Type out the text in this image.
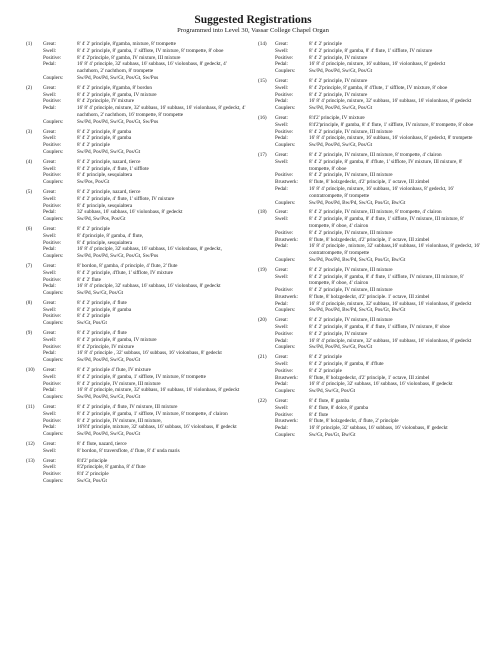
Suggested Registrations

Programmed into Level 30, Vassar College Chapel Organ

(1)	Great:	8' 4' 2' principle, 8'gamba, mixture, 8' trompette
Swell:	8' 4' 2' principle, 8' gamba, 1' sifflote, IV mixture, 8' trompette, 8' oboe
Positive:	8' 4' 2'principle, 8' gamba, IV mixture, III mixture
Pedal:	16' 8' 4' principle, 32' subbass, 16' subbass, 16' violonbass, 8' gedeckt, 4' nachthorn, 2' nachthorn, 8' trompette
Couplers:	Sw/Pd, Pos/Pd, Sw/Gt, Pos/Gt, Sw/Pos
(2)	Great:	8' 4' 2' principle, 8'gamba, 8' bordon
Swell:	8' 4' 2' principle, 8' gamba, IV mixture
Positive:	8' 4' 2'principle, IV mixture
Pedal:	16' 8' 4' principle, mixture, 32' subbass, 16' subbass, 16' violonbass, 8' gedeckt, 4' nachthorn, 2' nachthorn, 16' trompette, 8' trompette
Couplers:	Sw/Pd, Pos/Pd, Sw/Gt, Pos/Gt, Sw/Pos
(3)	Great:	8' 4' 2' principle, 8' gamba
Swell:	8' 4' 2' principle, 8' gamba
Positive:	8' 4' 2' principle
Couplers:	Sw/Pd, Pos/Pd, Sw/Gt, Pos/Gt
(4)	Great:	8' 4' 2' principle, nazard, tierce
Swell:	8' 4' 2' principle, 4' flute, 1' sifflote
Positive:	8' 4' principle, sesquialtera
Couplers:	Sw/Pos, Pos/Gt
(5)	Great:	8' 4' 2' principle, nazard, tierce
Swell:	8' 4' 2' principle, 4' flute, 1' sifflote, IV mixture
Positive:	8' 4' principle, sesquialtera
Pedal:	32' subbass, 16' subbass, 16' violonbass, 8' gedeckt
Couplers:	Sw/Pd, Sw/Pos, Pos/Gt
(6)	Great:	8' 4' 2' principle
Swell:	8' 4'principle, 8' gamba, 4' flute,
Positive:	8' 4' principle, sesquialtera
Pedal:	16' 8' 4' principle, 32' subbass, 16' subbass, 16' violonbass, 8' gedeckt,
Couplers:	Sw/Pd, Pos/Pd, Sw/Gt, Pos/Gt, Sw/Pos
(7)	Great:	8' bordon, 8' gamba, 4' principle, 4' flute, 2' flute
Swell:	8' 4' 2' principle, 4'flute, 1' sifflote, IV mixture
Positive:	8' 4' 2' flute
Pedal:	16' 8' 4' principle, 32' subbass, 16' subbass, 16' violonbass, 8' gedeckt
Couplers:	Sw/Pd, Sw/Gt, Pos/Gt
(8)	Great:	8' 4' 2' principle, 4' flute
Swell:	8' 4' 2' principle, 8' gamba
Positive:	8' 4' 2' principle
Couplers:	Sw/Gt, Pos/Gt
(9)	Great:	8' 4' 2' principle, 4' flute
Swell:	8' 4' 2' principle, 8' gamba, IV mixture
Positive:	8' 4' 2'principle, IV mixture
Pedal:	16' 8' 4' principle , 32' subbass, 16' subbass, 16' violonbass, 8' gedeckt
Couplers:	Sw/Pd, Pos/Pd, Sw/Gt, Pos/Gt
(10)	Great:	8' 4' 2' principle 4' flute, IV mixture
Swell:	8' 4' 2' principle, 8' gamba, 1' sifflote, IV mixture, 8' trompette
Positive:	8' 4' 2' principle, IV mixture, III mixture
Pedal:	16' 8' 4' principle, mixture, 32' subbass, 16' subbass, 16' violonbass, 8' gedeckt
Couplers:	Sw/Pd, Pos/Pd, Sw/Gt, Pos/Gt
(11)	Great:	8' 4' 2' principle, 4' flute, IV mixture, III mixture
Swell:	8' 4' 2' principle, 8' gamba, 1' sifflote, IV mixture, 8' trompette, 4' clairon
Positive:	8' 4' 2' principle, IV mixture, III mixture,
Pedal:	16'8'4' principle, mixture, 32' subbass, 16' subbass, 16' violonbass, 8' gedeckt
Couplers:	Sw/Pd, Pos/Pd, Sw/Gt, Pos/Gt
(12)	Great:	8' 4' flute, nazard, tierce
Swell:	8' bordon, 8' traversflote, 4' flute, 8' 4' unda maris
(13)	Great:	8'4'2' principle
Swell:	8'2'principle, 8' gamba, 8' 4' flute
Positive:	8'4' 2' principle
Couplers:	Sw/Gt, Pos/Gt
(14)	Great:	8' 4' 2' principle
Swell:	8' 4' 2' principle, 8' gamba, 8' 4' flute, 1' sifflote, IV mixture
Positive:	8' 4' 2' principle, IV mixture
Pedal:	16' 8' 4' principle, mixture, 16' subbass, 16' violonbass, 8' gedeckt
Couplers:	Sw/Pd, Pos/Pd, Sw/Gt, Pos/Gt
(15)	Great:	8' 4' 2' principle, IV mixture
Swell:	8' 4' 2'principle, 8' gamba, 8' 4'flute, 1' sifflote, IV mixture, 8' oboe
Positive:	8' 4' 2' principle, IV mixture
Pedal:	16' 8' 4' principle, mixture, 32' subbass, 16' subbass, 16' violonbass, 8' gedeckt
Couplers:	Sw/Pd, Pos/Pd, Sw/Gt, Pos/Gt
(16)	Great:	8'4'2' principle, IV mixture
Swell:	8'4'2'principle, 8' gamba, 8' 4' flute, 1' sifflote, IV mixture, 8' trompette, 8' oboe
Positive:	8' 4' 2' principle, IV mixture, III mixture
Pedal:	16' 8' 4' principle, mixture, 16' subbass, 16' violonbass, 8' gedeckt, 8' trompette
Couplers:	Sw/Pd, Pos/Pd, Sw/Gt, Pos/Gt
(17)	Great:	8' 4' 2' principle, IV mixture, III mixture, 8' trompette, 4' clairon
Swell:	8' 4' 2' principle, 8' gamba, 8' 4'flute, 1' sifflote, IV mixture, III mixture, 8' trompette, 8' oboe
Positive:	8' 4' 2' principle, IV mixture, III mixture
Brustwerk:	8' flute, 8' holzgedeckt, 4'2' principle, 1' octave, III zimbel
Pedal:	16' 8' 4' principle, mixture, 16' subbass, 16' violonbass, 8' gedeckt, 16' contratrompette, 8' trompette
Couplers:	Sw/Pd, Pos/Pd, Bw/Pd, Sw/Gt, Pos/Gt, Bw/Gt
(18)	Great:	8' 4' 2' principle, IV mixture, III mixture, 8' trompette, 4' clairon
Swell:	8' 4' 2' principle, 8' gamba, 8' 4' flute, 1' sifflote, IV mixture, III mixture, 8' trompette, 8' oboe, 4' clairon
Positive:	8' 4' 2' principle, IV mixture, III mixture
Brustwerk:	8' flute, 8' holzgedeckt, 4'2' principle, 1' octave, III zimbel
Pedal:	16' 8' 4' principle , mixture, 32' subbass,16' subbass, 16' violonbass, 8' gedeckt, 16' contratrompette, 8' trompette
Couplers:	Sw/Pd, Pos/Pd, Bw/Pd, Sw/Gt, Pos/Gt, Bw/Gt
(19)	Great:	8' 4' 2' principle, IV mixture, III mixture
Swell:	8' 4' 2' principle, 8' gamba, 8' 4' flute, 1' sifflote, IV mixture, III mixture, 8' trompette, 8' oboe, 4' clairon
Positive:	8' 4' 2' principle, IV mixture, III mixture
Brustwerk:	8' flute, 8' holzgedeckt, 4'2' principle. 1' octave, III zimbel
Pedal:	16' 8' 4' principle, mixture, 32' subbass, 16' subbass, 16' violonbass, 8' gedeckt
Couplers:	Sw/Pd, Pos/Pd, Bw/Pd, Sw/Gt, Pos/Gt, Bw/Gt
(20)	Great:	8' 4' 2' principle, IV mixture, III mixture
Swell:	8' 4' 2' principle, 8' gamba, 8' 4' flute, 1' sifflote, IV mixture, 8' oboe
Positive:	8' 4' 2' principle, IV mixture
Pedal:	16' 8' 4' principle, mixture, 32' subbass, 16' subbass, 16' violonbass, 8' gedeckt
Couplers:	Sw/Pd, Pos/Pd, Sw/Gt, Pos/Gt
(21)	Great:	8' 4' 2' principle
Swell:	8' 4' 2' principle, 8' gamba, 8' 4'flute
Positive:	8' 4' 2' principle
Brustwerk:	8' flute, 8' holzgedeckt, 4'2' principle, 1' octave, III zimbel
Pedal:	16' 8' 4' principle, 32' subbass, 16' subbass, 16' violonbass, 8' gedeckt
Couplers:	Sw/Pd, Sw/Gt, Pos/Gt
(22)	Great:	8' 4' flute, 8' gamba
Swell:	8' 4' flute, 8' dolce, 8' gamba
Positive:	8' 4' flute
Brustwerk:	8' flute, 8' holzgedeckt, 4' flute, 2' principle
Pedal:	16' 8' principle, 32' subbass, 16' subbass, 16' violonbass, 8' gedeckt
Couplers:	Sw/Gt, Pos/Gt, Bw/Gt
